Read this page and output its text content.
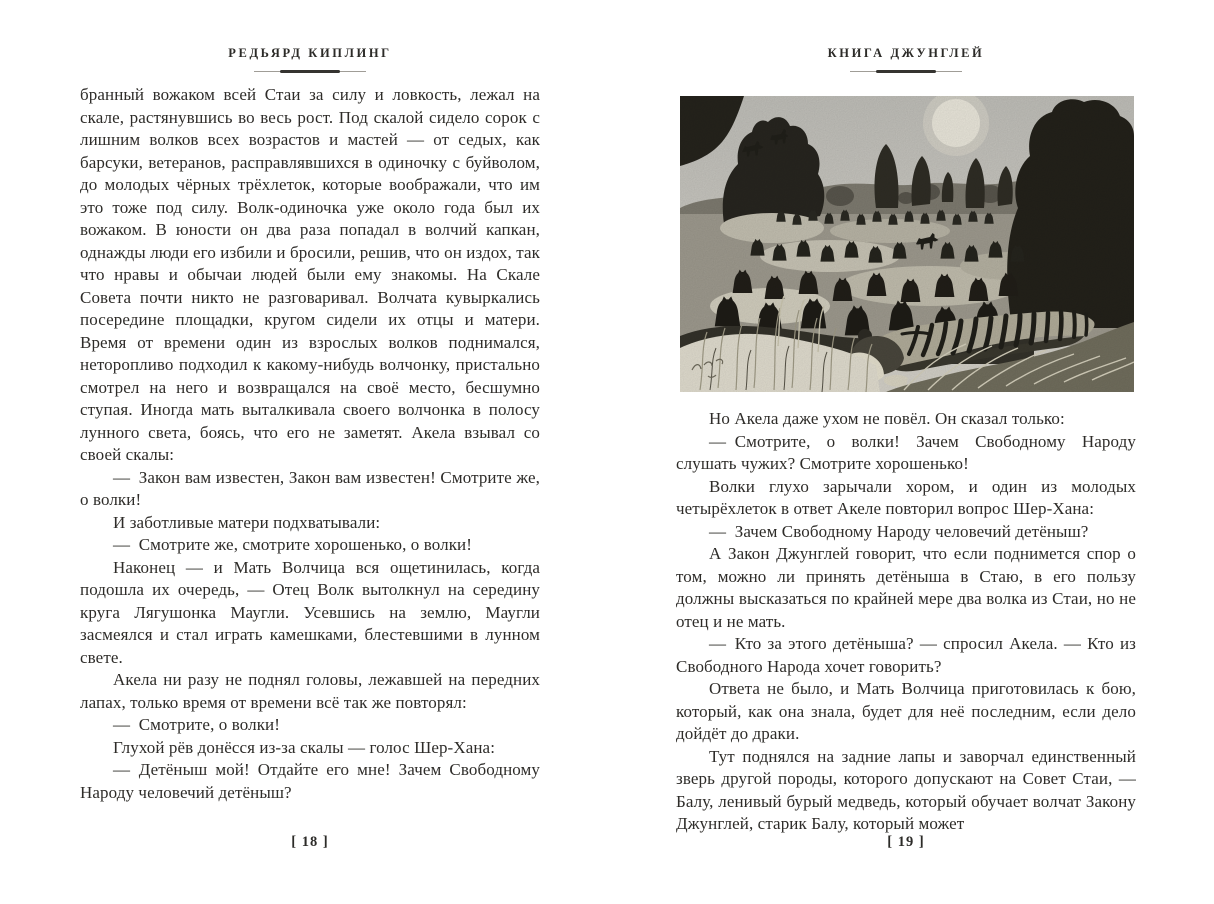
РЕДЬЯРД КИПЛИНГ

бранный вожаком всей Стаи за силу и ловкость, лежал на скале, растянувшись во весь рост. Под скалой сидело сорок с лишним волков всех возрастов и мастей — от седых, как барсуки, ветеранов, расправлявшихся в одиночку с буйволом, до молодых чёрных трёхлеток, которые воображали, что им это тоже под силу. Волк-одиночка уже около года был их вожаком. В юности он два раза попадал в волчий капкан, однажды люди его избили и бросили, решив, что он издох, так что нравы и обычаи людей были ему знакомы. На Скале Совета почти никто не разговаривал. Волчата кувыркались посередине площадки, кругом сидели их отцы и матери. Время от времени один из взрослых волков поднимался, неторопливо подходил к какому-нибудь волчонку, пристально смотрел на него и возвращался на своё место, бесшумно ступая. Иногда мать выталкивала своего волчонка в полосу лунного света, боясь, что его не заметят. Акела взывал со своей скалы:

— Закон вам известен, Закон вам известен! Смотрите же, о волки!

И заботливые матери подхватывали:

— Смотрите же, смотрите хорошенько, о волки!

Наконец — и Мать Волчица вся ощетинилась, когда подошла их очередь, — Отец Волк вытолкнул на середину круга Лягушонка Маугли. Усевшись на землю, Маугли засмеялся и стал играть камешками, блестевшими в лунном свете.

Акела ни разу не поднял головы, лежавшей на передних лапах, только время от времени всё так же повторял:

— Смотрите, о волки!

Глухой рёв донёсся из-за скалы — голос Шер-Хана:

— Детёныш мой! Отдайте его мне! Зачем Свободному Народу человечий детёныш?

[ 18 ]
КНИГА ДЖУНГЛЕЙ

Но Акела даже ухом не повёл. Он сказал только:

— Смотрите, о волки! Зачем Свободному Народу слушать чужих? Смотрите хорошенько!

Волки глухо зарычали хором, и один из молодых четырёхлеток в ответ Акеле повторил вопрос Шер-Хана:

— Зачем Свободному Народу человечий детёныш?

А Закон Джунглей говорит, что если поднимется спор о том, можно ли принять детёныша в Стаю, в его пользу должны высказаться по крайней мере два волка из Стаи, но не отец и не мать.

— Кто за этого детёныша? — спросил Акела. — Кто из Свободного Народа хочет говорить?

Ответа не было, и Мать Волчица приготовилась к бою, который, как она знала, будет для неё последним, если дело дойдёт до драки.

Тут поднялся на задние лапы и заворчал единственный зверь другой породы, которого допускают на Совет Стаи, — Балу, ленивый бурый медведь, который обучает волчат Закону Джунглей, старик Балу, который может

[ 19 ]
